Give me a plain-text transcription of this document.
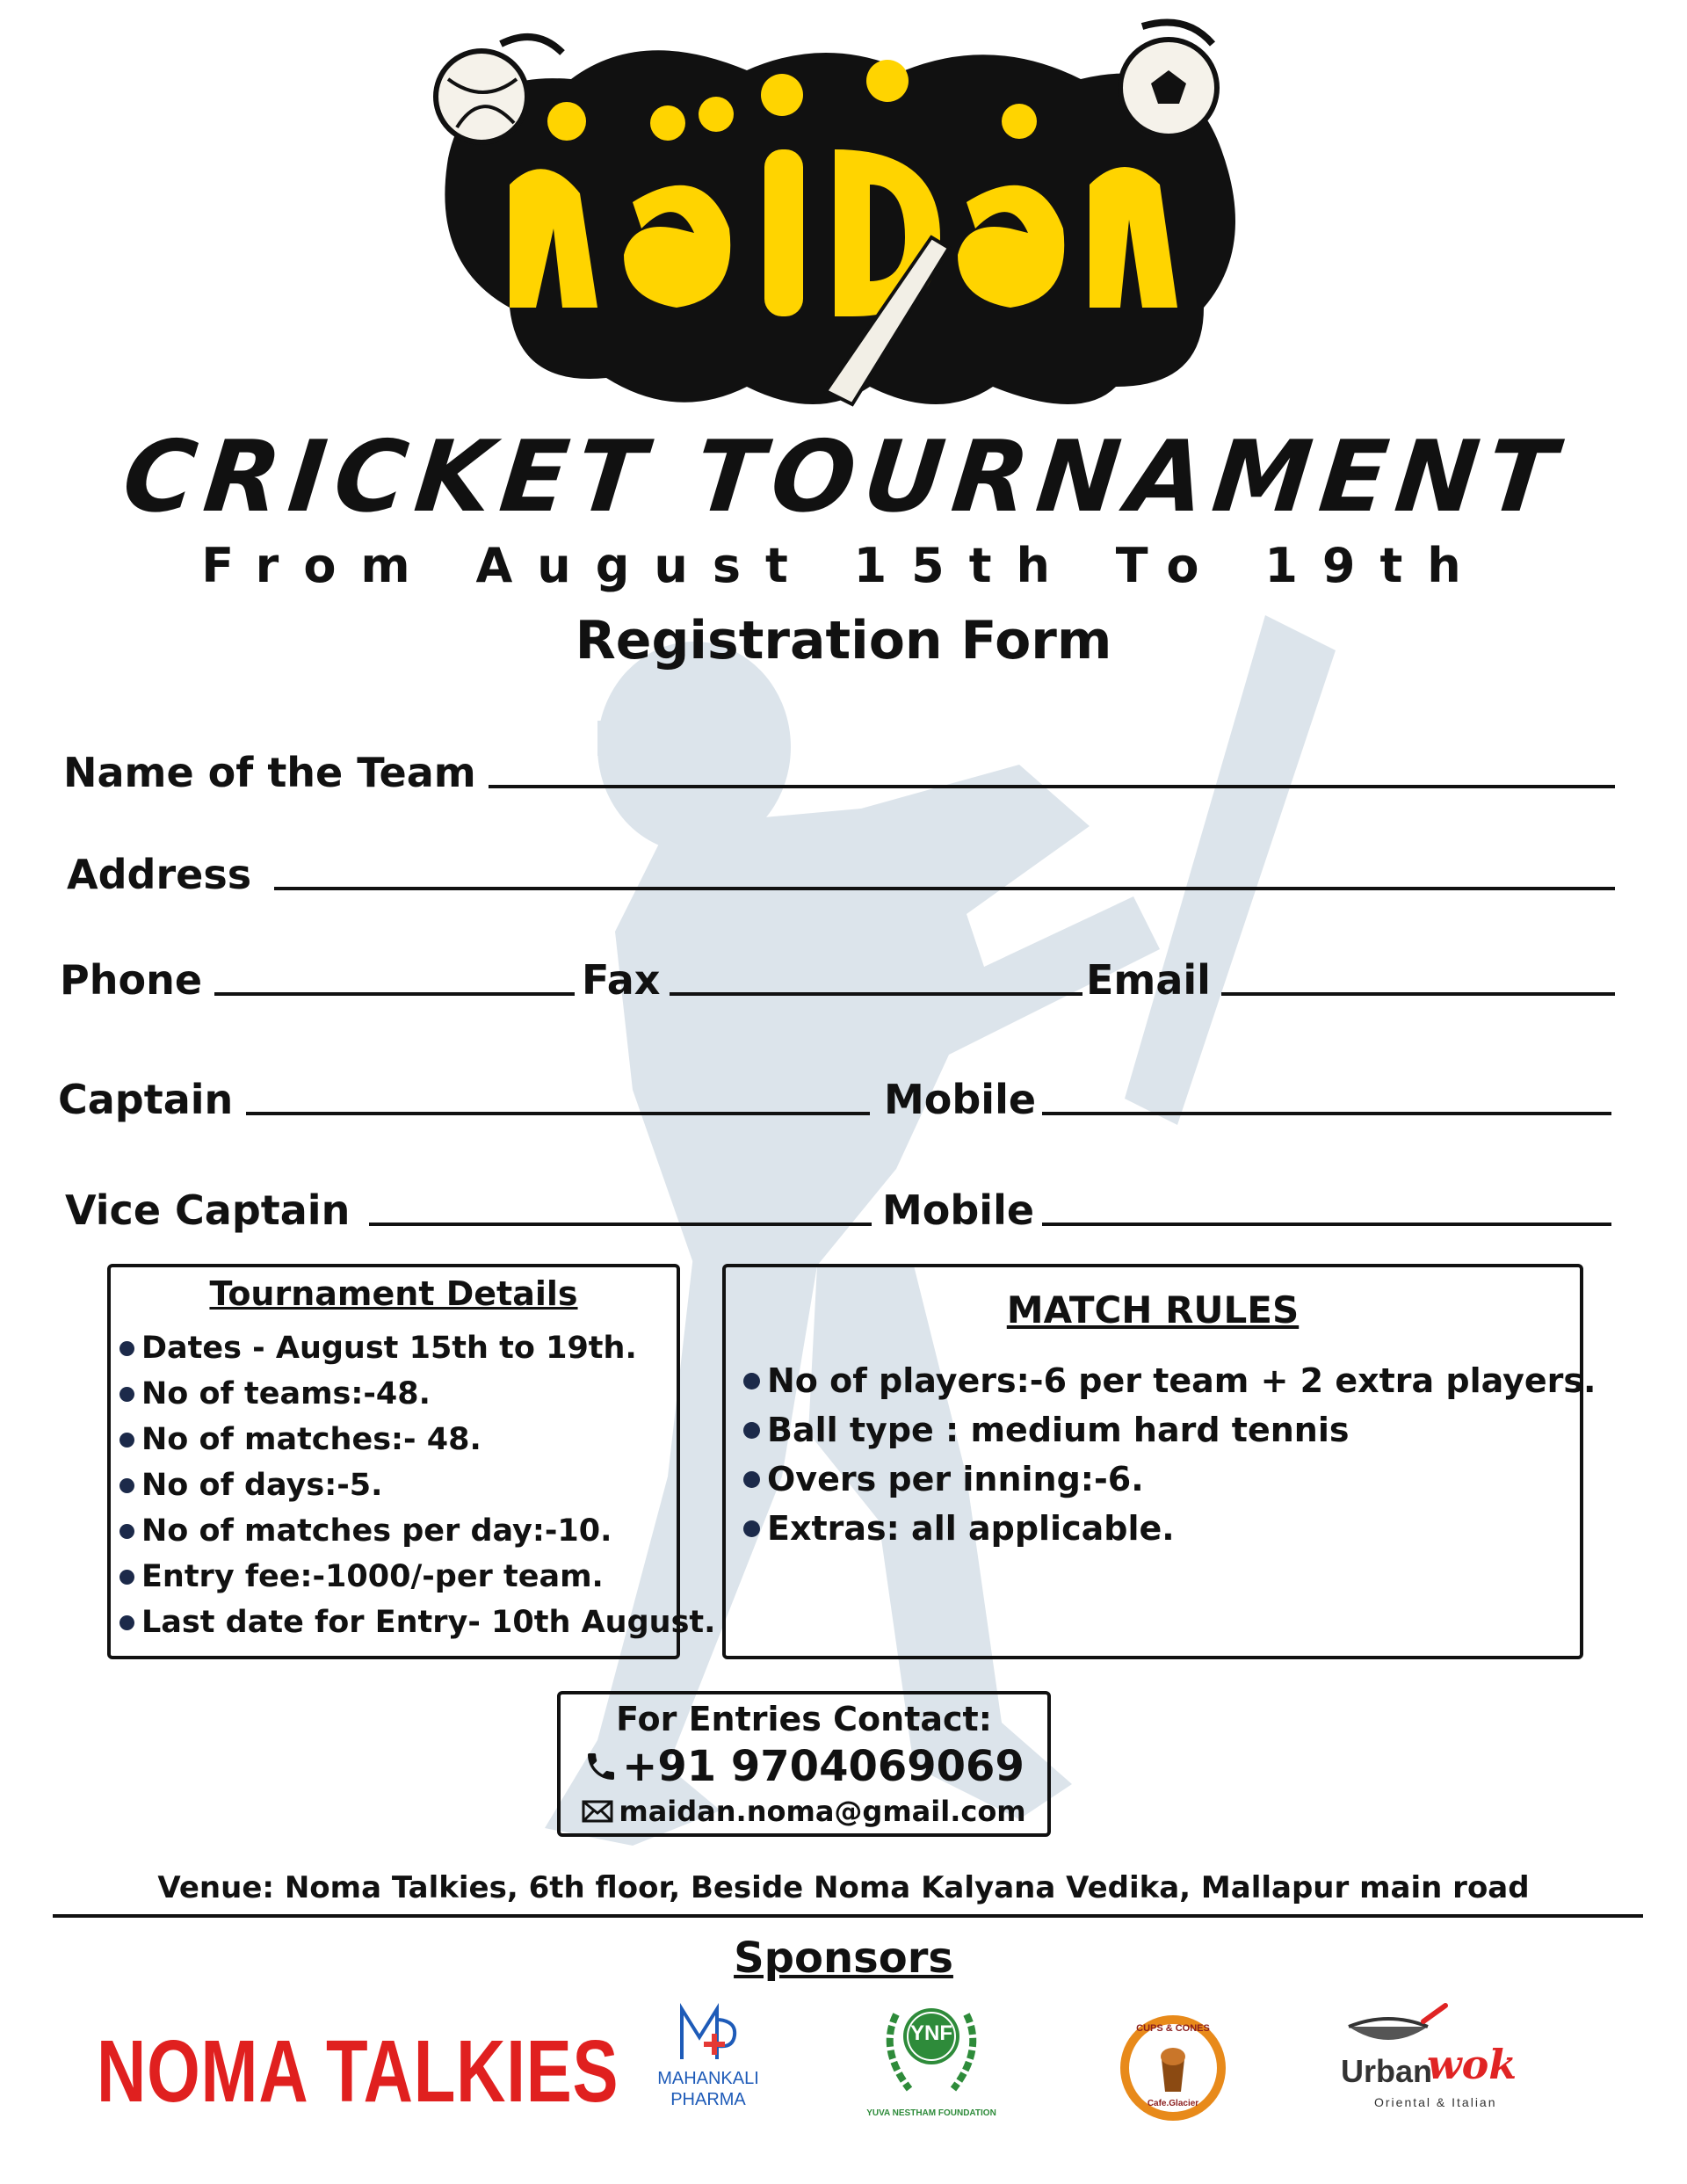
CRICKET TOURNAMENT
From August 15th To 19th
Registration Form
Name of the Team
Address
Phone	Fax	Email
Captain	Mobile
Vice Captain	Mobile
Tournament Details
Dates - August 15th to 19th.
No of teams:-48.
No of matches:- 48.
No of days:-5.
No of matches per day:-10.
Entry fee:-1000/-per team.
Last date for Entry- 10th August.
MATCH RULES
No of players:-6 per team + 2 extra players.
Ball type : medium hard tennis
Overs per inning:-6.
Extras: all applicable.
For Entries Contact:
+91 9704069069
maidan.noma@gmail.com
Venue: Noma Talkies, 6th floor, Beside Noma Kalyana Vedika, Mallapur main road
Sponsors
NOMA TALKIES	MAHANKALI
PHARMA
YNF
YUVA NESTHAM FOUNDATION
CUPS & CONES
Cafe.Glacier
Urban
wok
Oriental & Italian
